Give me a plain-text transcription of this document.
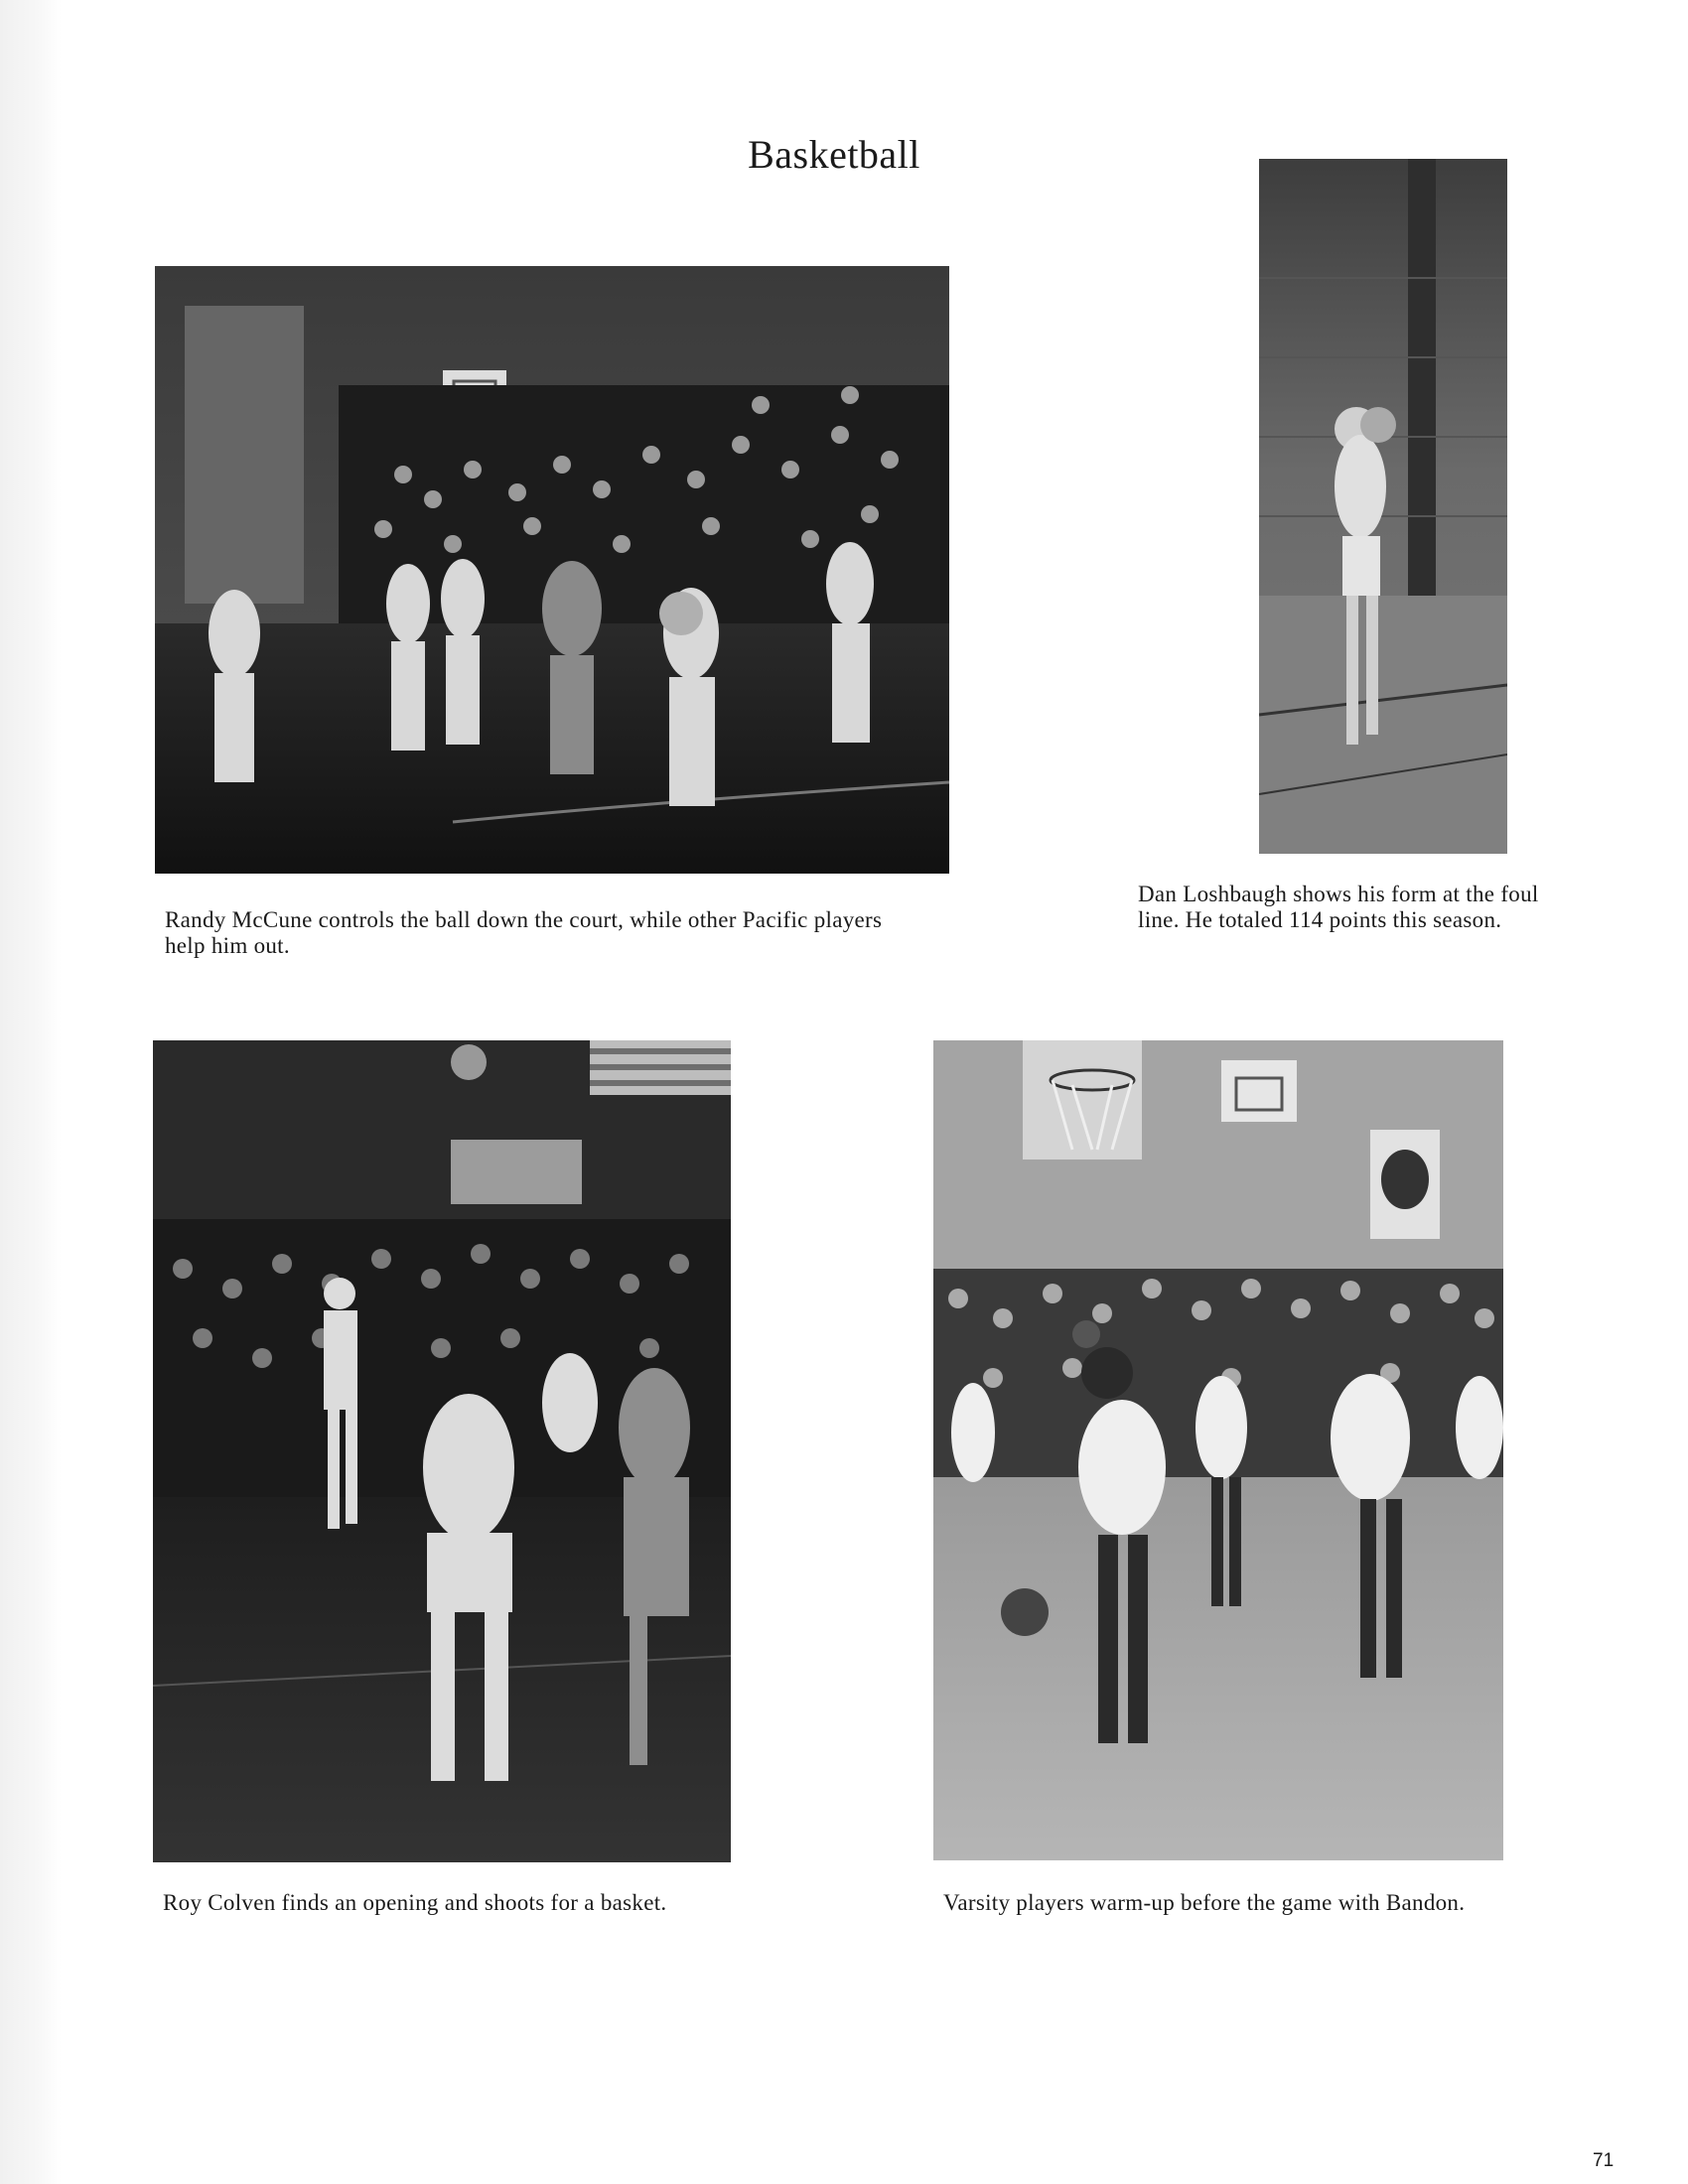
Basketball
Randy McCune controls the ball down the court, while other Pacific players help him out.
Dan Loshbaugh shows his form at the foul line. He totaled 114 points this season.
Roy Colven finds an opening and shoots for a basket.	Varsity players warm-up before the game with Bandon.
71
